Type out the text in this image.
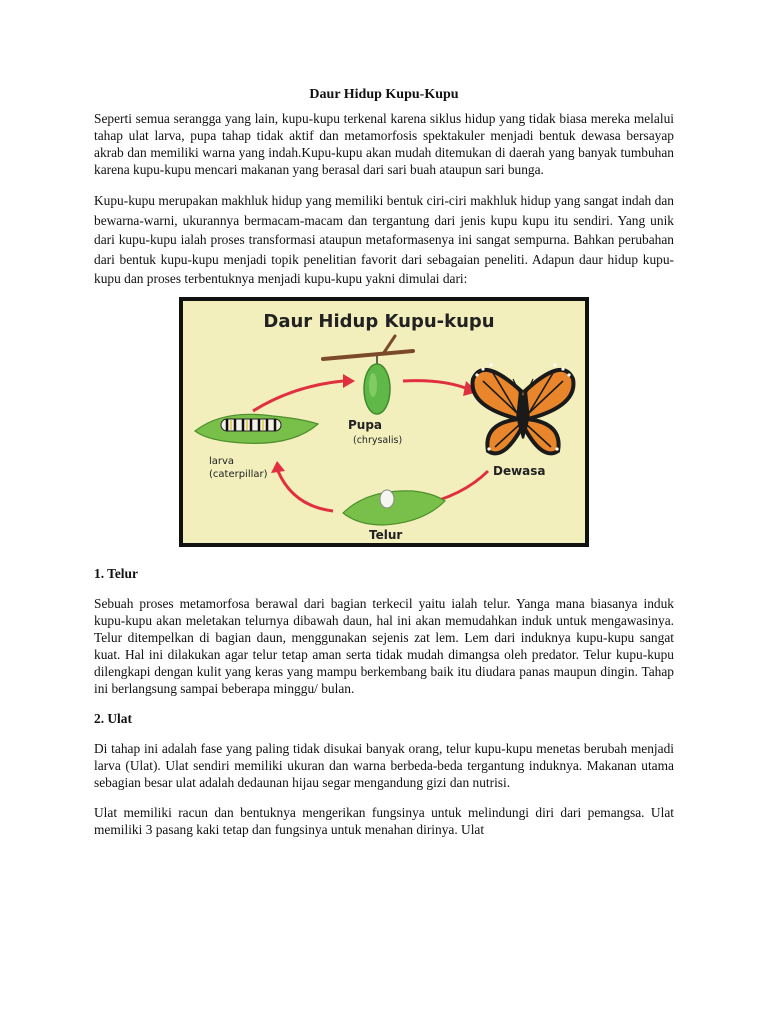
Daur Hidup Kupu-Kupu

Seperti semua serangga yang lain, kupu-kupu terkenal karena siklus hidup yang tidak biasa mereka melalui tahap ulat larva, pupa tahap tidak aktif dan metamorfosis spektakuler menjadi bentuk dewasa bersayap akrab dan memiliki warna yang indah.Kupu-kupu akan mudah ditemukan di daerah yang banyak tumbuhan karena kupu-kupu mencari makanan yang berasal dari sari buah ataupun sari bunga.

Kupu-kupu merupakan makhluk hidup yang memiliki bentuk ciri-ciri makhluk hidup yang sangat indah dan bewarna-warni, ukurannya bermacam-macam dan tergantung dari jenis kupu kupu itu sendiri. Yang unik dari kupu-kupu ialah proses transformasi ataupun metaformasenya ini sangat sempurna. Bahkan perubahan dari bentuk kupu-kupu menjadi topik penelitian favorit dari sebagaian peneliti. Adapun daur hidup kupu-kupu dan proses terbentuknya menjadi kupu-kupu yakni dimulai dari:

Daur Hidup Kupu-kupu
Pupa
(chrysalis)
larva
(caterpillar)	Dewasa
Telur
1. Telur

Sebuah proses metamorfosa berawal dari bagian terkecil yaitu ialah telur. Yanga mana biasanya induk kupu-kupu akan meletakan telurnya dibawah daun, hal ini akan memudahkan induk untuk mengawasinya. Telur ditempelkan di bagian daun, menggunakan sejenis zat lem. Lem dari induknya kupu-kupu sangat kuat. Hal ini dilakukan agar telur tetap aman serta tidak mudah dimangsa oleh predator. Telur kupu-kupu dilengkapi dengan kulit yang keras yang mampu berkembang baik itu diudara panas maupun dingin. Tahap ini berlangsung sampai beberapa minggu/ bulan.

2. Ulat

Di tahap ini adalah fase yang paling tidak disukai banyak orang, telur kupu-kupu menetas berubah menjadi larva (Ulat). Ulat sendiri memiliki ukuran dan warna berbeda-beda tergantung induknya. Makanan utama sebagian besar ulat adalah dedaunan hijau segar mengandung gizi dan nutrisi.

Ulat memiliki racun dan bentuknya mengerikan fungsinya untuk melindungi diri dari pemangsa. Ulat memiliki 3 pasang kaki tetap dan fungsinya untuk menahan dirinya. Ulat
